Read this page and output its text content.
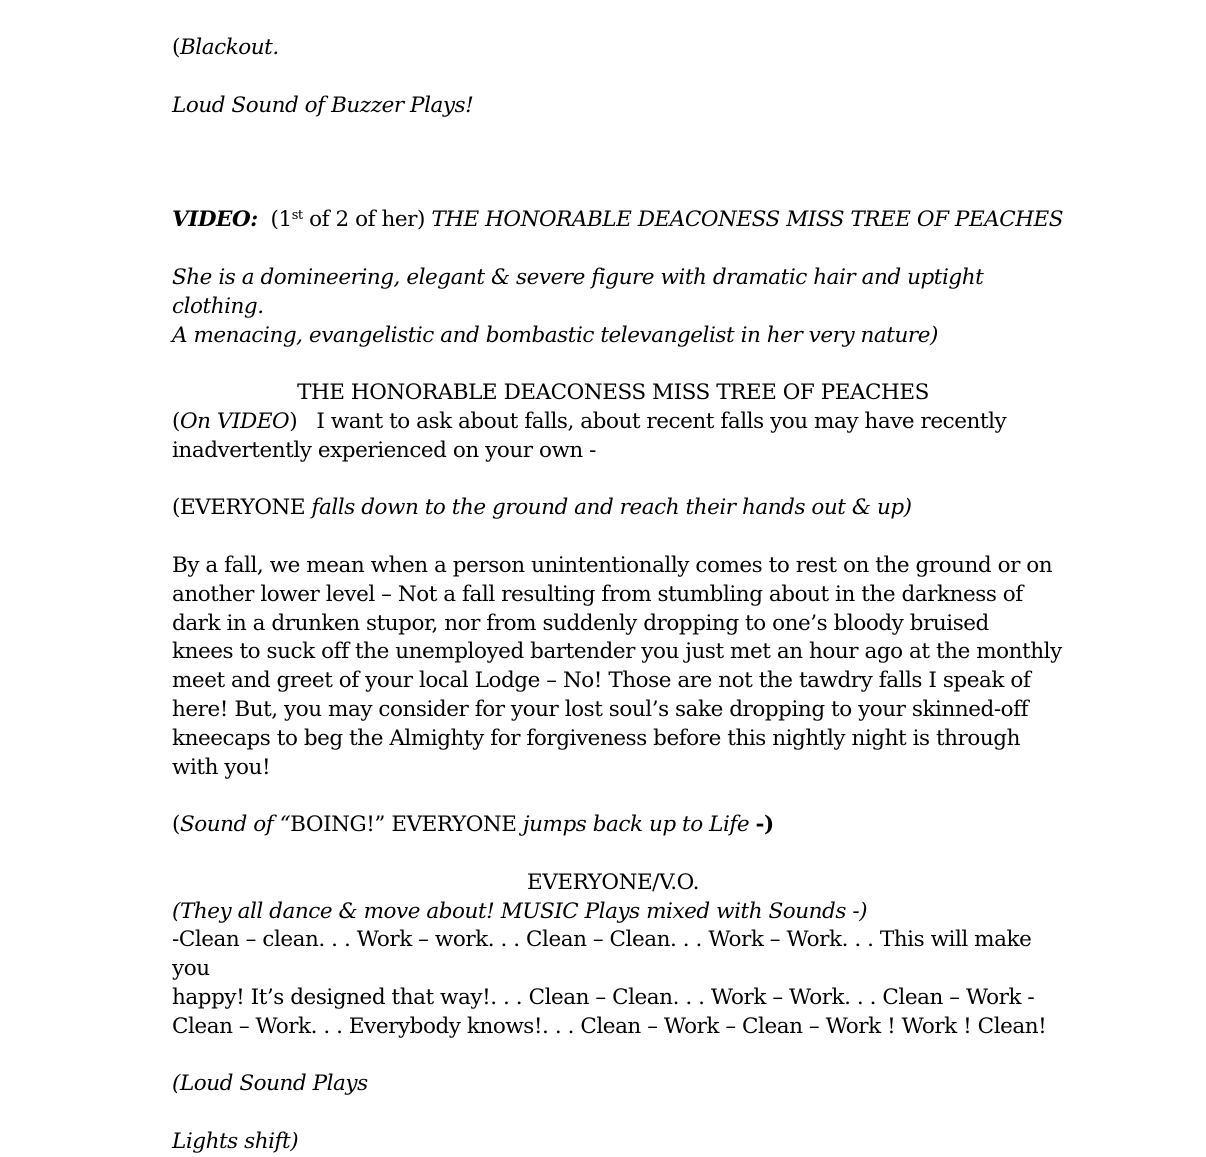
(Blackout.

Loud Sound of Buzzer Plays!

VIDEO: (1st of 2 of her) THE HONORABLE DEACONESS MISS TREE OF PEACHES

She is a domineering, elegant & severe figure with dramatic hair and uptight clothing.

A menacing, evangelistic and bombastic televangelist in her very nature)

THE HONORABLE DEACONESS MISS TREE OF PEACHES

(On VIDEO) I want to ask about falls, about recent falls you may have recently

inadvertently experienced on your own -

(EVERYONE falls down to the ground and reach their hands out & up)

By a fall, we mean when a person unintentionally comes to rest on the ground or on

another lower level – Not a fall resulting from stumbling about in the darkness of

dark in a drunken stupor, nor from suddenly dropping to one’s bloody bruised

knees to suck off the unemployed bartender you just met an hour ago at the monthly

meet and greet of your local Lodge – No! Those are not the tawdry falls I speak of

here! But, you may consider for your lost soul’s sake dropping to your skinned-off

kneecaps to beg the Almighty for forgiveness before this nightly night is through

with you!

(Sound of “BOING!” EVERYONE jumps back up to Life -)

EVERYONE/V.O.

(They all dance & move about! MUSIC Plays mixed with Sounds -)

-Clean – clean. . . Work – work. . . Clean – Clean. . . Work – Work. . . This will make you

happy! It’s designed that way!. . . Clean – Clean. . . Work – Work. . . Clean – Work -

Clean – Work. . . Everybody knows!. . . Clean – Work – Clean – Work ! Work ! Clean!

(Loud Sound Plays

Lights shift)
